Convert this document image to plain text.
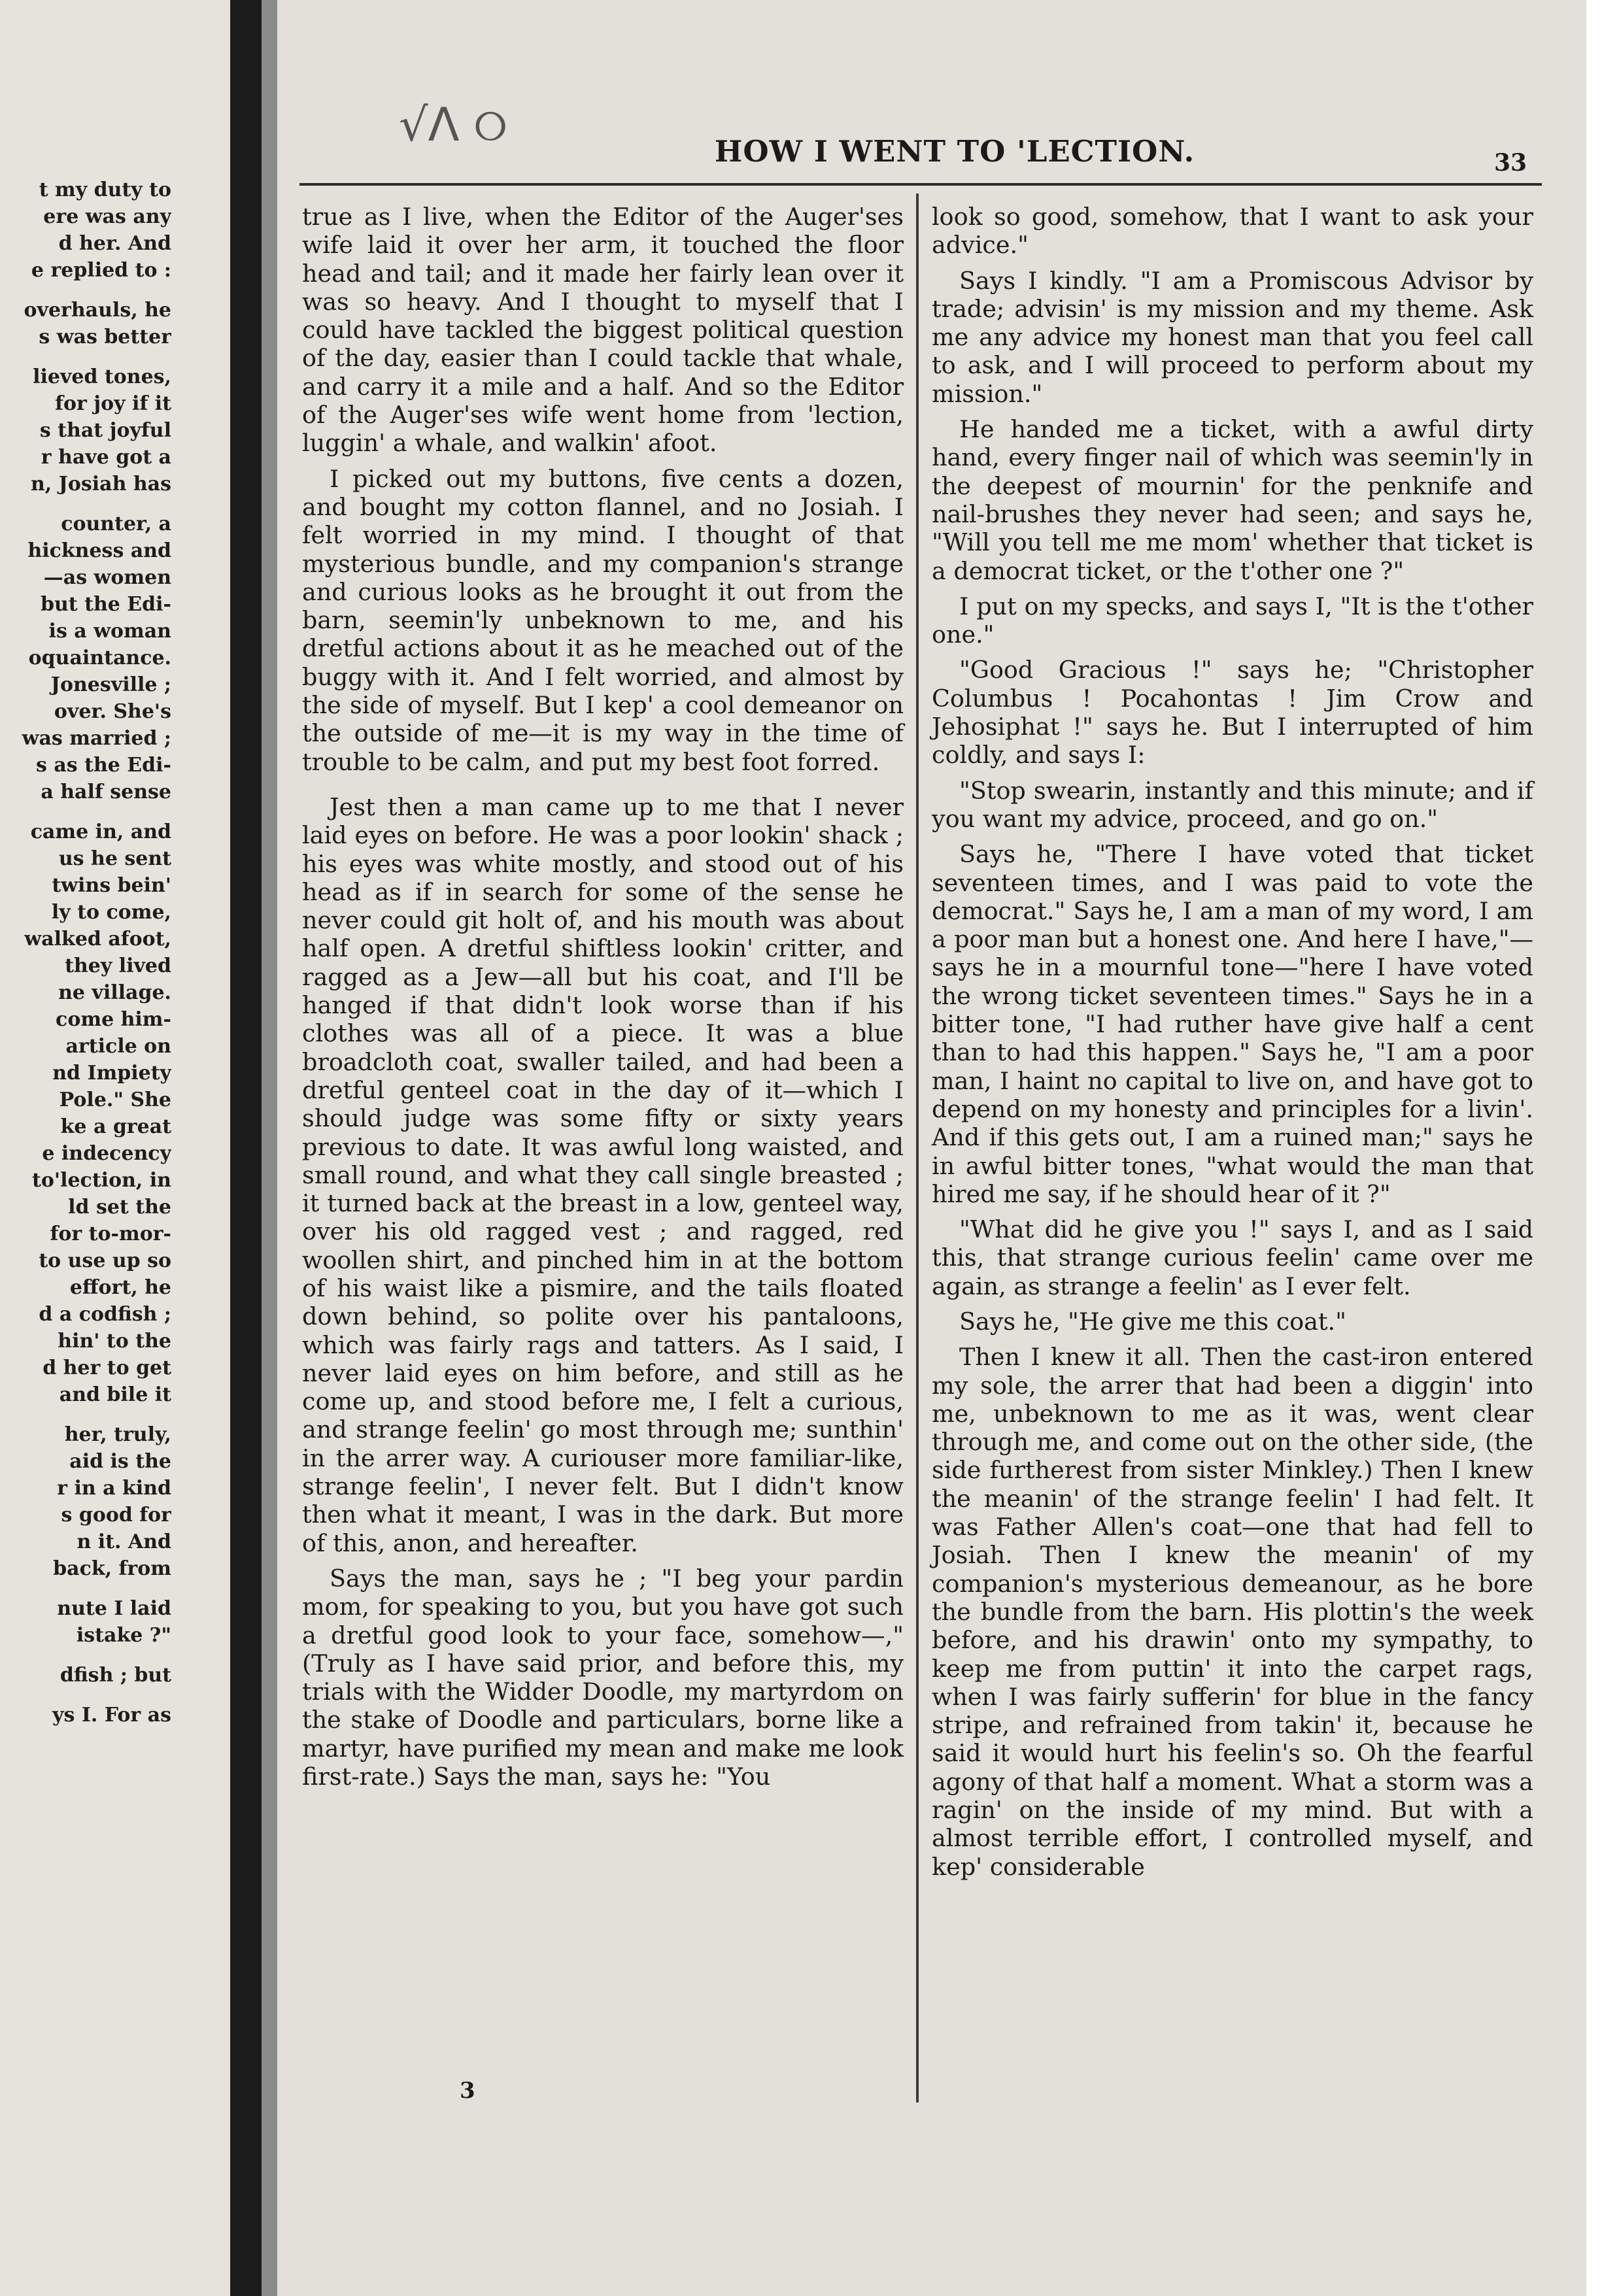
t my duty to
ere was any
d her. And
e replied to :
overhauls, he
s was better
lieved tones,
for joy if it
s that joyful
r have got a
n, Josiah has
counter, a
hickness and
—as women
but the Edi-
is a woman
oquaintance.
Jonesville ;
over. She's
was married ;
s as the Edi-
a half sense
came in, and
us he sent
twins bein'
ly to come,
walked afoot,
they lived
ne village.
come him-
article on
nd Impiety
Pole." She
ke a great
e indecency
to'lection, in
ld set the
for to-mor-
to use up so
effort, he
d a codfish ;
hin' to the
d her to get
and bile it
her, truly,
aid is the
r in a kind
s good for
n it. And
back, from
nute I laid
istake ?"
dfish ; but
ys I. For as
√Λ ୦	HOW I WENT TO 'LECTION.	33

true as I live, when the Editor of the Auger'ses wife laid it over her arm, it touched the floor head and tail; and it made her fairly lean over it was so heavy. And I thought to myself that I could have tackled the biggest political question of the day, easier than I could tackle that whale, and carry it a mile and a half. And so the Editor of the Auger'ses wife went home from 'lection, luggin' a whale, and walkin' afoot.

I picked out my buttons, five cents a dozen, and bought my cotton flannel, and no Josiah. I felt worried in my mind. I thought of that mysterious bundle, and my companion's strange and curious looks as he brought it out from the barn, seemin'ly unbeknown to me, and his dretful actions about it as he meached out of the buggy with it. And I felt worried, and almost by the side of myself. But I kep' a cool demeanor on the outside of me—it is my way in the time of trouble to be calm, and put my best foot forred.

Jest then a man came up to me that I never laid eyes on before. He was a poor lookin' shack ; his eyes was white mostly, and stood out of his head as if in search for some of the sense he never could git holt of, and his mouth was about half open. A dretful shiftless lookin' critter, and ragged as a Jew—all but his coat, and I'll be hanged if that didn't look worse than if his clothes was all of a piece. It was a blue broadcloth coat, swaller tailed, and had been a dretful genteel coat in the day of it—which I should judge was some fifty or sixty years previous to date. It was awful long waisted, and small round, and what they call single breasted ; it turned back at the breast in a low, genteel way, over his old ragged vest ; and ragged, red woollen shirt, and pinched him in at the bottom of his waist like a pismire, and the tails floated down behind, so polite over his pantaloons, which was fairly rags and tatters. As I said, I never laid eyes on him before, and still as he come up, and stood before me, I felt a curious, and strange feelin' go most through me; sunthin' in the arrer way. A curiouser more familiar-like, strange feelin', I never felt. But I didn't know then what it meant, I was in the dark. But more of this, anon, and hereafter.

Says the man, says he ; "I beg your pardin mom, for speaking to you, but you have got such a dretful good look to your face, somehow—," (Truly as I have said prior, and before this, my trials with the Widder Doodle, my martyrdom on the stake of Doodle and particulars, borne like a martyr, have purified my mean and make me look first-rate.) Says the man, says he: "You

look so good, somehow, that I want to ask your advice."

Says I kindly. "I am a Promiscous Advisor by trade; advisin' is my mission and my theme. Ask me any advice my honest man that you feel call to ask, and I will proceed to perform about my mission."

He handed me a ticket, with a awful dirty hand, every finger nail of which was seemin'ly in the deepest of mournin' for the penknife and nail-brushes they never had seen; and says he, "Will you tell me me mom' whether that ticket is a democrat ticket, or the t'other one ?"

I put on my specks, and says I, "It is the t'other one."

"Good Gracious !" says he; "Christopher Columbus ! Pocahontas ! Jim Crow and Jehosiphat !" says he. But I interrupted of him coldly, and says I:

"Stop swearin, instantly and this minute; and if you want my advice, proceed, and go on."

Says he, "There I have voted that ticket seventeen times, and I was paid to vote the democrat." Says he, I am a man of my word, I am a poor man but a honest one. And here I have,"—says he in a mournful tone—"here I have voted the wrong ticket seventeen times." Says he in a bitter tone, "I had ruther have give half a cent than to had this happen." Says he, "I am a poor man, I haint no capital to live on, and have got to depend on my honesty and principles for a livin'. And if this gets out, I am a ruined man;" says he in awful bitter tones, "what would the man that hired me say, if he should hear of it ?"

"What did he give you !" says I, and as I said this, that strange curious feelin' came over me again, as strange a feelin' as I ever felt.

Says he, "He give me this coat."

Then I knew it all. Then the cast-iron entered my sole, the arrer that had been a diggin' into me, unbeknown to me as it was, went clear through me, and come out on the other side, (the side furtherest from sister Minkley.) Then I knew the meanin' of the strange feelin' I had felt. It was Father Allen's coat—one that had fell to Josiah. Then I knew the meanin' of my companion's mysterious demeanour, as he bore the bundle from the barn. His plottin's the week before, and his drawin' onto my sympathy, to keep me from puttin' it into the carpet rags, when I was fairly sufferin' for blue in the fancy stripe, and refrained from takin' it, because he said it would hurt his feelin's so. Oh the fearful agony of that half a moment. What a storm was a ragin' on the inside of my mind. But with a almost terrible effort, I controlled myself, and kep' considerable

3
